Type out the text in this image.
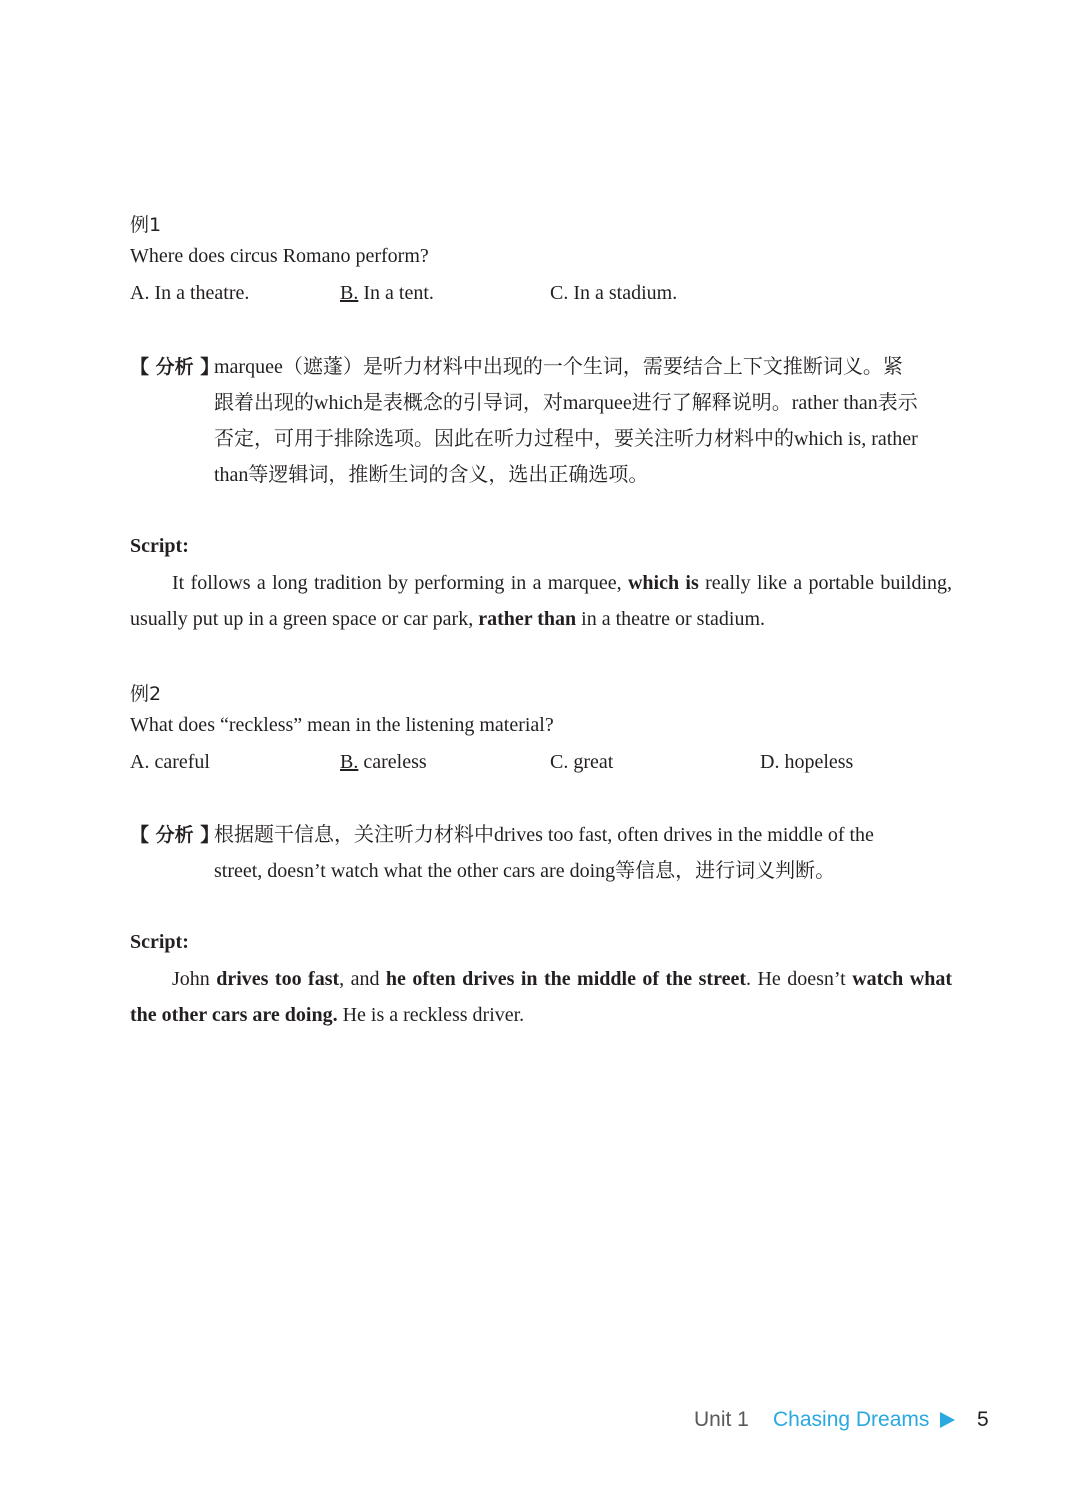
例1
Where does circus Romano perform?
A. In a theatre.	B. In a tent.	C. In a stadium.
【 分析 】
marquee（遮蓬）是听力材料中出现的一个生词，需要结合上下文推断词义。紧
跟着出现的which是表概念的引导词，对marquee进行了解释说明。rather than表示
否定，可用于排除选项。因此在听力过程中，要关注听力材料中的which is, rather
than等逻辑词，推断生词的含义，选出正确选项。
Script:
It follows a long tradition by performing in a marquee, which is really like a portable building, usually put up in a green space or car park, rather than in a theatre or stadium.
例2
What does “reckless” mean in the listening material?
A. careful	B. careless	C. great	D. hopeless
【 分析 】
根据题干信息，关注听力材料中drives too fast, often drives in the middle of the
street, doesn’t watch what the other cars are doing等信息，进行词义判断。
Script:
John drives too fast, and he often drives in the middle of the street. He doesn’t watch what the other cars are doing. He is a reckless driver.
Unit 1 Chasing Dreams 5
